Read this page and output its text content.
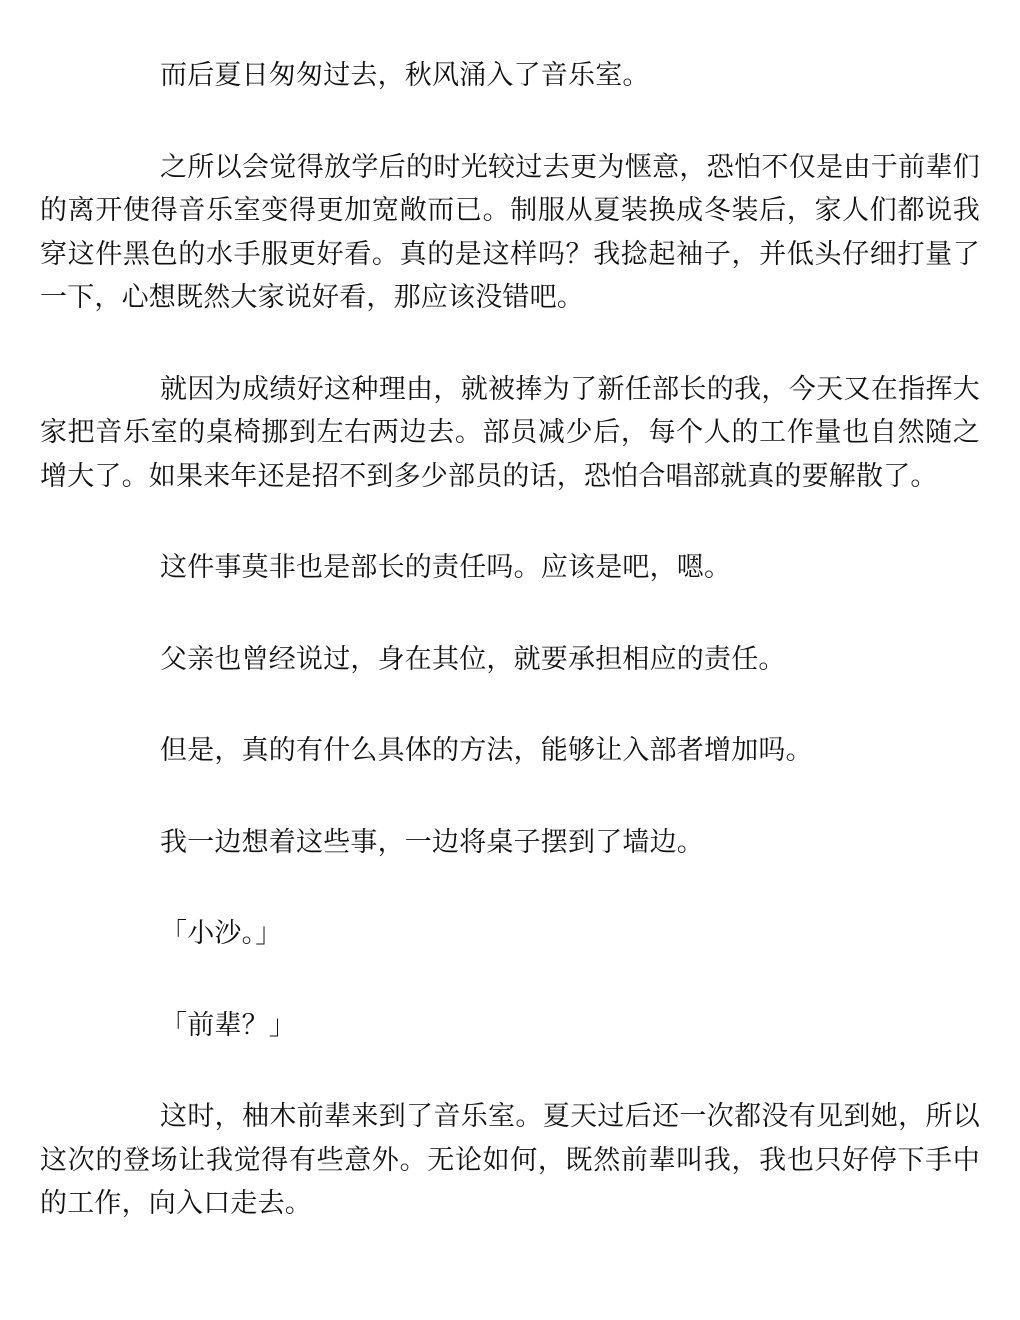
而后夏日匆匆过去，秋风涌入了音乐室。

之所以会觉得放学后的时光较过去更为惬意，恐怕不仅是由于前辈们的离开使得音乐室变得更加宽敞而已。制服从夏装换成冬装后，家人们都说我穿这件黑色的水手服更好看。真的是这样吗？我捻起袖子，并低头仔细打量了一下，心想既然大家说好看，那应该没错吧。

就因为成绩好这种理由，就被捧为了新任部长的我，今天又在指挥大家把音乐室的桌椅挪到左右两边去。部员减少后，每个人的工作量也自然随之增大了。如果来年还是招不到多少部员的话，恐怕合唱部就真的要解散了。

这件事莫非也是部长的责任吗。应该是吧，嗯。

父亲也曾经说过，身在其位，就要承担相应的责任。

但是，真的有什么具体的方法，能够让入部者增加吗。

我一边想着这些事，一边将桌子摆到了墙边。

「小沙。」

「前辈？」

这时，柚木前辈来到了音乐室。夏天过后还一次都没有见到她，所以这次的登场让我觉得有些意外。无论如何，既然前辈叫我，我也只好停下手中的工作，向入口走去。
